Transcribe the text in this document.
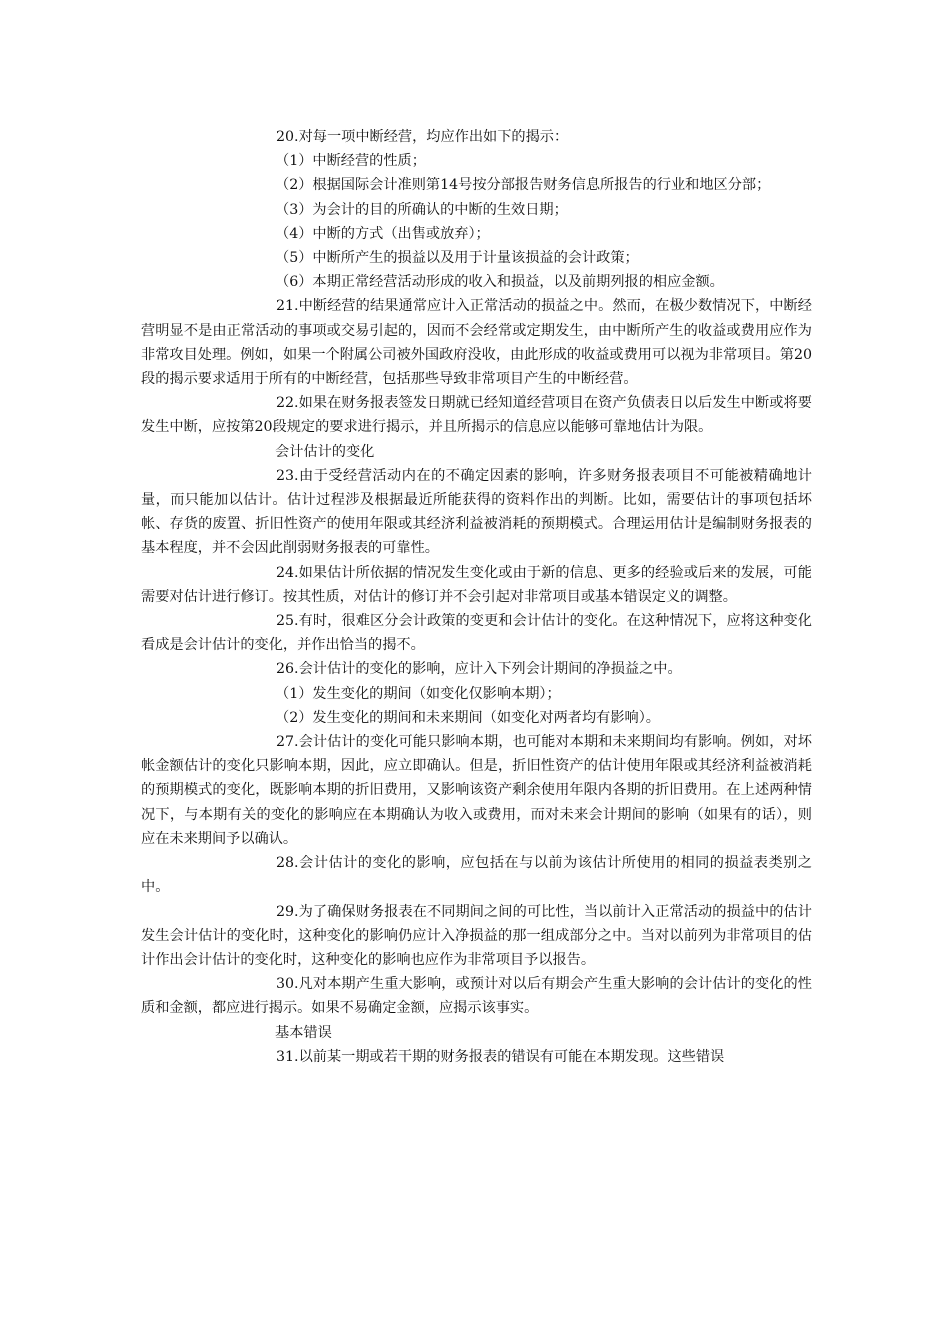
20.对每一项中断经营，均应作出如下的揭示：

（1）中断经营的性质；

（2）根据国际会计准则第14号按分部报告财务信息所报告的行业和地区分部；

（3）为会计的目的所确认的中断的生效日期；

（4）中断的方式（出售或放弃）；

（5）中断所产生的损益以及用于计量该损益的会计政策；

（6）本期正常经营活动形成的收入和损益，以及前期列报的相应金额。

21.中断经营的结果通常应计入正常活动的损益之中。然而，在极少数情况下，中断经营明显不是由正常活动的事项或交易引起的，因而不会经常或定期发生，由中断所产生的收益或费用应作为非常攻目处理。例如，如果一个附属公司被外国政府没收，由此形成的收益或费用可以视为非常项目。第20段的揭示要求适用于所有的中断经营，包括那些导致非常项目产生的中断经营。

22.如果在财务报表签发日期就已经知道经营项目在资产负债表日以后发生中断或将要发生中断，应按第20段规定的要求进行揭示，并且所揭示的信息应以能够可靠地估计为限。

会计估计的变化

23.由于受经营活动内在的不确定因素的影响，许多财务报表项目不可能被精确地计量，而只能加以估计。估计过程涉及根据最近所能获得的资料作出的判断。比如，需要估计的事项包括坏帐、存货的废置、折旧性资产的使用年限或其经济利益被消耗的预期模式。合理运用估计是编制财务报表的基本程度，并不会因此削弱财务报表的可靠性。

24.如果估计所依据的情况发生变化或由于新的信息、更多的经验或后来的发展，可能需要对估计进行修订。按其性质，对估计的修订并不会引起对非常项目或基本错误定义的调整。

25.有时，很难区分会计政策的变更和会计估计的变化。在这种情况下，应将这种变化看成是会计估计的变化，并作出恰当的揭不。

26.会计估计的变化的影响，应计入下列会计期间的净损益之中。

（1）发生变化的期间（如变化仅影响本期）；

（2）发生变化的期间和未来期间（如变化对两者均有影响）。

27.会计估计的变化可能只影响本期，也可能对本期和未来期间均有影响。例如，对坏帐金额估计的变化只影响本期，因此，应立即确认。但是，折旧性资产的估计使用年限或其经济利益被消耗的预期模式的变化，既影响本期的折旧费用，又影响该资产剩余使用年限内各期的折旧费用。在上述两种情况下，与本期有关的变化的影响应在本期确认为收入或费用，而对未来会计期间的影响（如果有的话），则应在未来期间予以确认。

28.会计估计的变化的影响，应包括在与以前为该估计所使用的相同的损益表类别之中。

29.为了确保财务报表在不同期间之间的可比性，当以前计入正常活动的损益中的估计发生会计估计的变化时，这种变化的影响仍应计入净损益的那一组成部分之中。当对以前列为非常项目的估计作出会计估计的变化时，这种变化的影响也应作为非常项目予以报告。

30.凡对本期产生重大影响，或预计对以后有期会产生重大影响的会计估计的变化的性质和金额，都应进行揭示。如果不易确定金额，应揭示该事实。

基本错误

31.以前某一期或若干期的财务报表的错误有可能在本期发现。这些错误
